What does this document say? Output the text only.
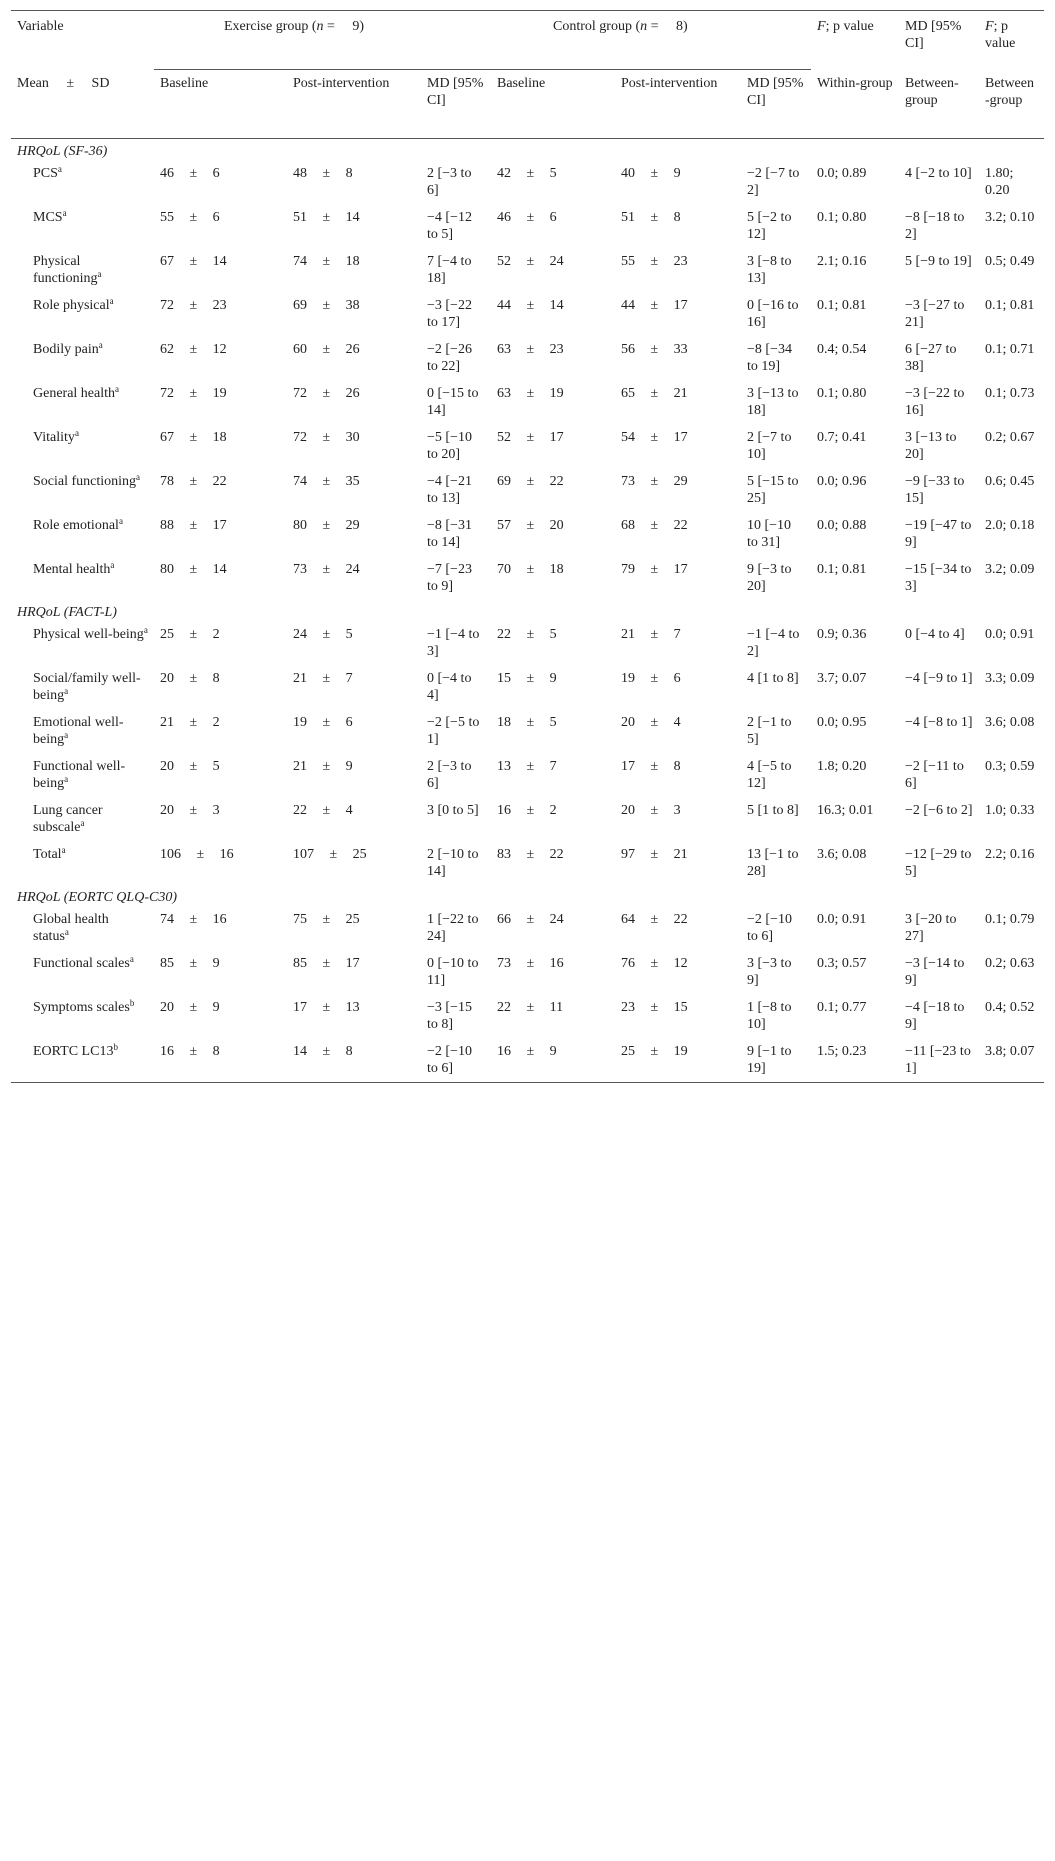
Variable	Exercise group (n = 9)			Control group (n = 8)			F; p value	MD [95% CI]	F; p value
Mean ± SD	Baseline	Post-intervention	MD [95% CI]	Baseline	Post-intervention	MD [95% CI]	Within-group	Between-group	Between-group
HRQoL (SF-36)									
PCS$^a$	46 ± 6	48 ± 8	2 [−3 to 6]	42 ± 5	40 ± 9	−2 [−7 to 2]	0.0; 0.89	4 [−2 to 10]	1.80; 0.20
MCS$^a$	55 ± 6	51 ± 14	−4 [−12 to 5]	46 ± 6	51 ± 8	5 [−2 to 12]	0.1; 0.80	−8 [−18 to 2]	3.2; 0.10
Physical functioning$^a$	67 ± 14	74 ± 18	7 [−4 to 18]	52 ± 24	55 ± 23	3 [−8 to 13]	2.1; 0.16	5 [−9 to 19]	0.5; 0.49
Role physical$^a$	72 ± 23	69 ± 38	−3 [−22 to 17]	44 ± 14	44 ± 17	0 [−16 to 16]	0.1; 0.81	−3 [−27 to 21]	0.1; 0.81
Bodily pain$^a$	62 ± 12	60 ± 26	−2 [−26 to 22]	63 ± 23	56 ± 33	−8 [−34 to 19]	0.4; 0.54	6 [−27 to 38]	0.1; 0.71
General health$^a$	72 ± 19	72 ± 26	0 [−15 to 14]	63 ± 19	65 ± 21	3 [−13 to 18]	0.1; 0.80	−3 [−22 to 16]	0.1; 0.73
Vitality$^a$	67 ± 18	72 ± 30	−5 [−10 to 20]	52 ± 17	54 ± 17	2 [−7 to 10]	0.7; 0.41	3 [−13 to 20]	0.2; 0.67
Social functioning$^a$	78 ± 22	74 ± 35	−4 [−21 to 13]	69 ± 22	73 ± 29	5 [−15 to 25]	0.0; 0.96	−9 [−33 to 15]	0.6; 0.45
Role emotional$^a$	88 ± 17	80 ± 29	−8 [−31 to 14]	57 ± 20	68 ± 22	10 [−10 to 31]	0.0; 0.88	−19 [−47 to 9]	2.0; 0.18
Mental health$^a$	80 ± 14	73 ± 24	−7 [−23 to 9]	70 ± 18	79 ± 17	9 [−3 to 20]	0.1; 0.81	−15 [−34 to 3]	3.2; 0.09
HRQoL (FACT-L)									
Physical well-being$^a$	25 ± 2	24 ± 5	−1 [−4 to 3]	22 ± 5	21 ± 7	−1 [−4 to 2]	0.9; 0.36	0 [−4 to 4]	0.0; 0.91
Social/family well-being$^a$	20 ± 8	21 ± 7	0 [−4 to 4]	15 ± 9	19 ± 6	4 [1 to 8]	3.7; 0.07	−4 [−9 to 1]	3.3; 0.09
Emotional well-being$^a$	21 ± 2	19 ± 6	−2 [−5 to 1]	18 ± 5	20 ± 4	2 [−1 to 5]	0.0; 0.95	−4 [−8 to 1]	3.6; 0.08
Functional well-being$^a$	20 ± 5	21 ± 9	2 [−3 to 6]	13 ± 7	17 ± 8	4 [−5 to 12]	1.8; 0.20	−2 [−11 to 6]	0.3; 0.59
Lung cancer subscale$^a$	20 ± 3	22 ± 4	3 [0 to 5]	16 ± 2	20 ± 3	5 [1 to 8]	16.3; 0.01	−2 [−6 to 2]	1.0; 0.33
Total$^a$	106 ± 16	107 ± 25	2 [−10 to 14]	83 ± 22	97 ± 21	13 [−1 to 28]	3.6; 0.08	−12 [−29 to 5]	2.2; 0.16
HRQoL (EORTC QLQ-C30)									
Global health status$^a$	74 ± 16	75 ± 25	1 [−22 to 24]	66 ± 24	64 ± 22	−2 [−10 to 6]	0.0; 0.91	3 [−20 to 27]	0.1; 0.79
Functional scales$^a$	85 ± 9	85 ± 17	0 [−10 to 11]	73 ± 16	76 ± 12	3 [−3 to 9]	0.3; 0.57	−3 [−14 to 9]	0.2; 0.63
Symptoms scales$^b$	20 ± 9	17 ± 13	−3 [−15 to 8]	22 ± 11	23 ± 15	1 [−8 to 10]	0.1; 0.77	−4 [−18 to 9]	0.4; 0.52
EORTC LC13$^b$	16 ± 8	14 ± 8	−2 [−10 to 6]	16 ± 9	25 ± 19	9 [−1 to 19]	1.5; 0.23	−11 [−23 to 1]	3.8; 0.07
